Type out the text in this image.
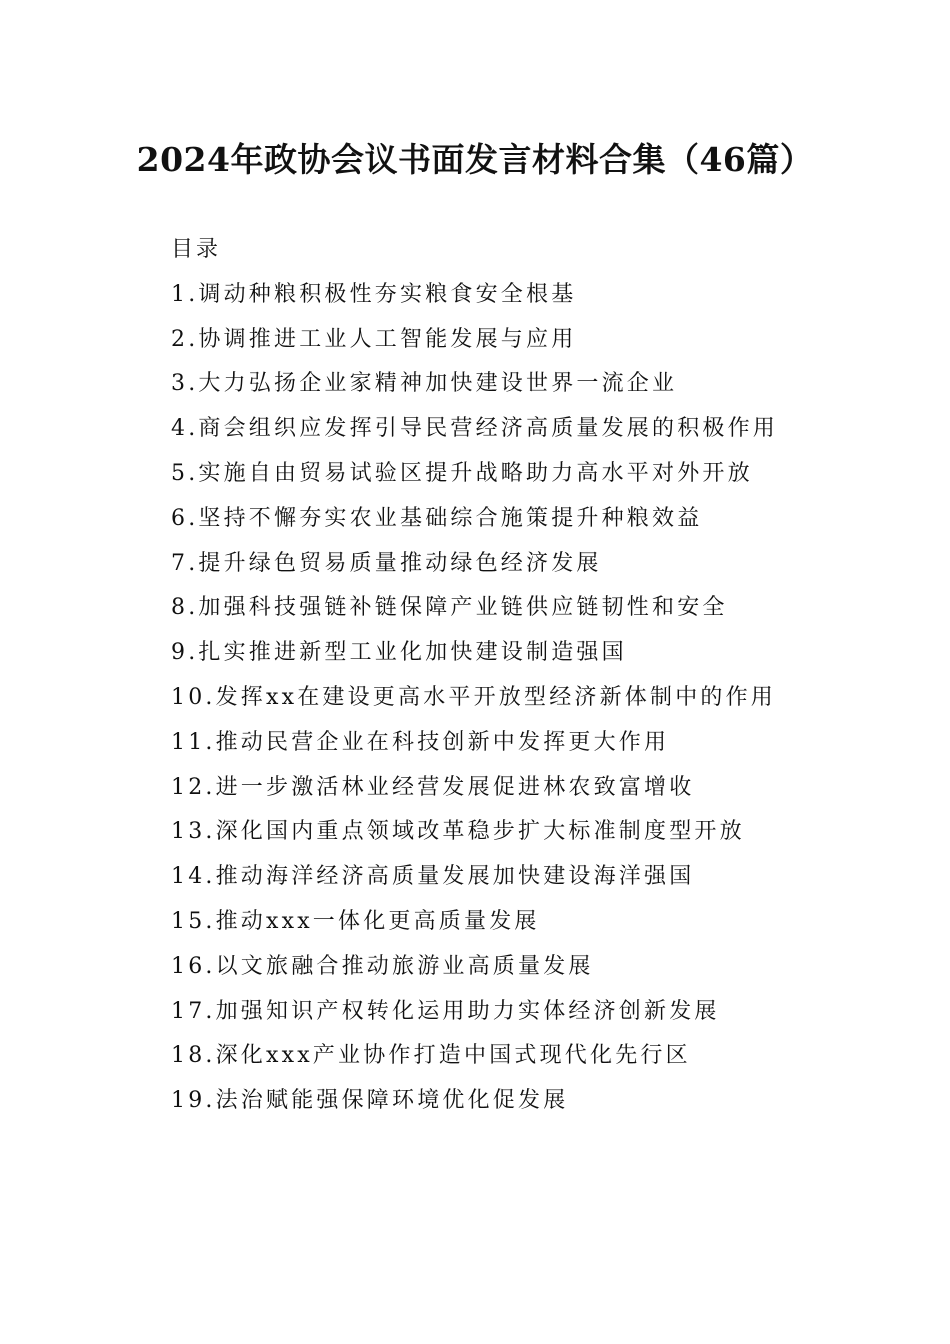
2024年政协会议书面发言材料合集（46篇）
目录
1.调动种粮积极性夯实粮食安全根基
2.协调推进工业人工智能发展与应用
3.大力弘扬企业家精神加快建设世界一流企业
4.商会组织应发挥引导民营经济高质量发展的积极作用
5.实施自由贸易试验区提升战略助力高水平对外开放
6.坚持不懈夯实农业基础综合施策提升种粮效益
7.提升绿色贸易质量推动绿色经济发展
8.加强科技强链补链保障产业链供应链韧性和安全
9.扎实推进新型工业化加快建设制造强国
10.发挥xx在建设更高水平开放型经济新体制中的作用
11.推动民营企业在科技创新中发挥更大作用
12.进一步激活林业经营发展促进林农致富增收
13.深化国内重点领域改革稳步扩大标准制度型开放
14.推动海洋经济高质量发展加快建设海洋强国
15.推动xxx一体化更高质量发展
16.以文旅融合推动旅游业高质量发展
17.加强知识产权转化运用助力实体经济创新发展
18.深化xxx产业协作打造中国式现代化先行区
19.法治赋能强保障环境优化促发展
